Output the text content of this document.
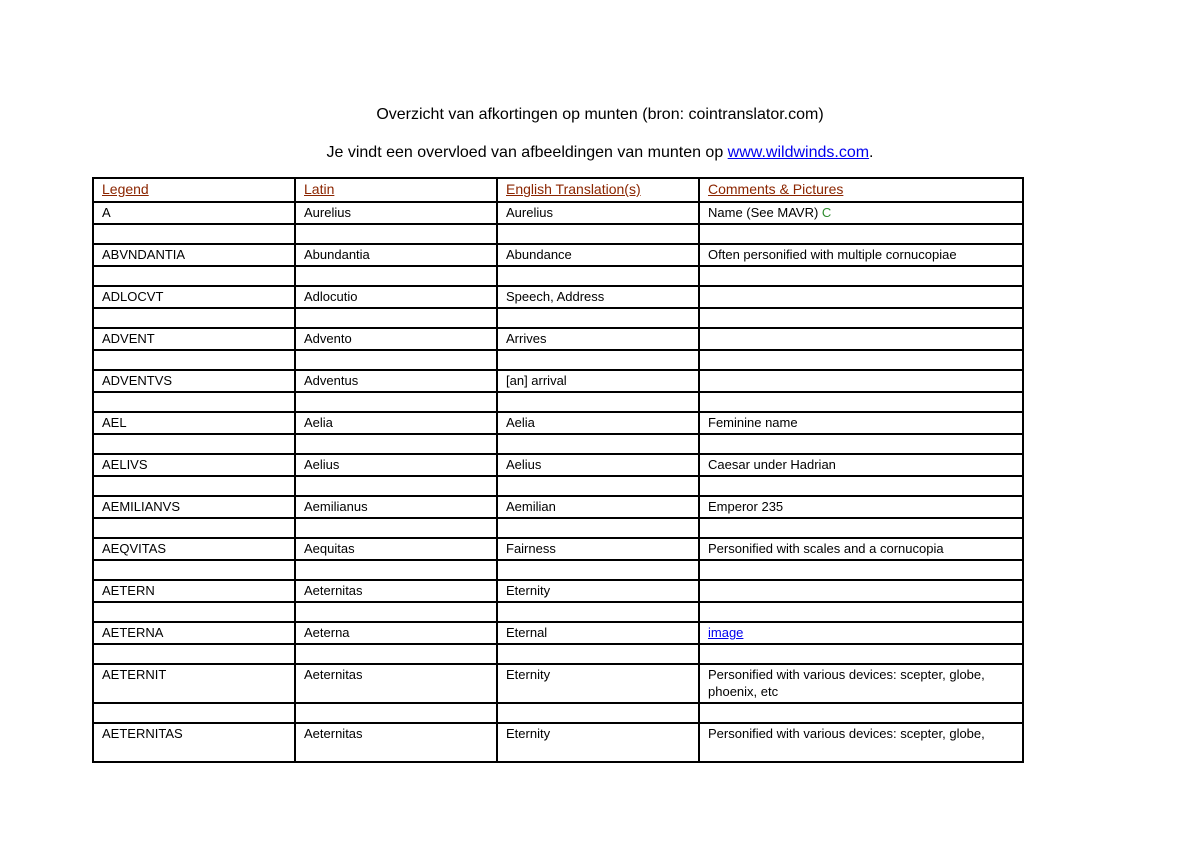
Overzicht van afkortingen op munten (bron: cointranslator.com)
Je vindt een overvloed van afbeeldingen van munten op www.wildwinds.com.
Legend	Latin	English Translation(s)	Comments & Pictures
A	Aurelius	Aurelius	Name (See MAVR) C

ABVNDANTIA	Abundantia	Abundance	Often personified with multiple cornucopiae

ADLOCVT	Adlocutio	Speech, Address	

ADVENT	Advento	Arrives	

ADVENTVS	Adventus	[an] arrival	

AEL	Aelia	Aelia	Feminine name

AELIVS	Aelius	Aelius	Caesar under Hadrian

AEMILIANVS	Aemilianus	Aemilian	Emperor 235

AEQVITAS	Aequitas	Fairness	Personified with scales and a cornucopia

AETERN	Aeternitas	Eternity	

AETERNA	Aeterna	Eternal	image

AETERNIT	Aeternitas	Eternity	Personified with various devices: scepter, globe, phoenix, etc

AETERNITAS	Aeternitas	Eternity	Personified with various devices: scepter, globe,
